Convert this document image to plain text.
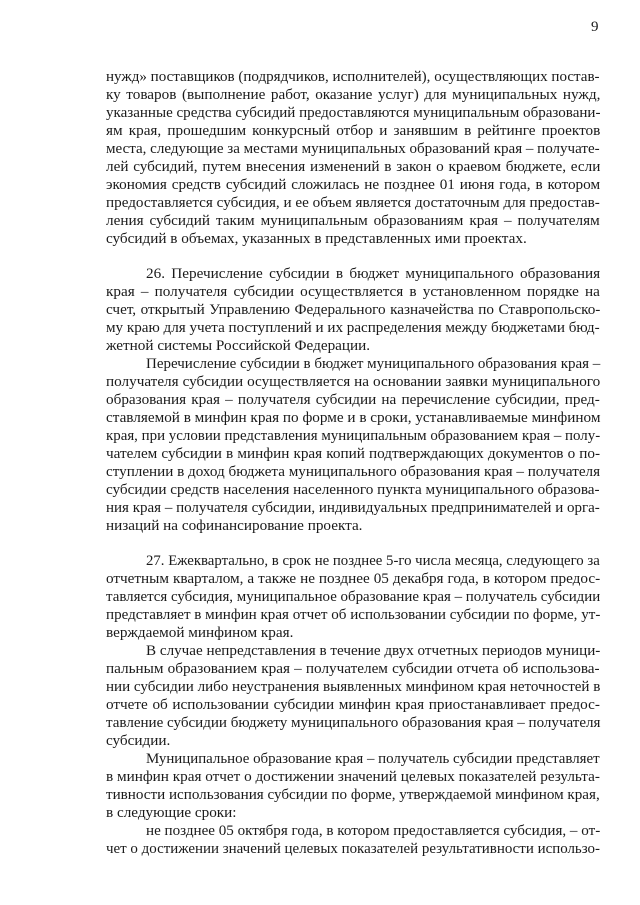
9
нужд» поставщиков (подрядчиков, исполнителей), осуществляющих постав-
ку товаров (выполнение работ, оказание услуг) для муниципальных нужд,
указанные средства субсидий предоставляются муниципальным образовани-
ям края, прошедшим конкурсный отбор и занявшим в рейтинге проектов
места, следующие за местами муниципальных образований края – получате-
лей субсидий, путем внесения изменений в закон о краевом бюджете, если
экономия средств субсидий сложилась не позднее 01 июня года, в котором
предоставляется субсидия, и ее объем является достаточным для предостав-
ления субсидий таким муниципальным образованиям края – получателям
субсидий в объемах, указанных в представленных ими проектах.
26. Перечисление субсидии в бюджет муниципального образования
края – получателя субсидии осуществляется в установленном порядке на
счет, открытый Управлению Федерального казначейства по Ставропольско-
му краю для учета поступлений и их распределения между бюджетами бюд-
жетной системы Российской Федерации.
Перечисление субсидии в бюджет муниципального образования края –
получателя субсидии осуществляется на основании заявки муниципального
образования края – получателя субсидии на перечисление субсидии, пред-
ставляемой в минфин края по форме и в сроки, устанавливаемые минфином
края, при условии представления муниципальным образованием края – полу-
чателем субсидии в минфин края копий подтверждающих документов о по-
ступлении в доход бюджета муниципального образования края – получателя
субсидии средств населения населенного пункта муниципального образова-
ния края – получателя субсидии, индивидуальных предпринимателей и орга-
низаций на софинансирование проекта.
27. Ежеквартально, в срок не позднее 5-го числа месяца, следующего за
отчетным кварталом, а также не позднее 05 декабря года, в котором предос-
тавляется субсидия, муниципальное образование края – получатель субсидии
представляет в минфин края отчет об использовании субсидии по форме, ут-
верждаемой минфином края.
В случае непредставления в течение двух отчетных периодов муници-
пальным образованием края – получателем субсидии отчета об использова-
нии субсидии либо неустранения выявленных минфином края неточностей в
отчете об использовании субсидии минфин края приостанавливает предос-
тавление субсидии бюджету муниципального образования края – получателя
субсидии.
Муниципальное образование края – получатель субсидии представляет
в минфин края отчет о достижении значений целевых показателей результа-
тивности использования субсидии по форме, утверждаемой минфином края,
в следующие сроки:
не позднее 05 октября года, в котором предоставляется субсидия, – от-
чет о достижении значений целевых показателей результативности использо-
